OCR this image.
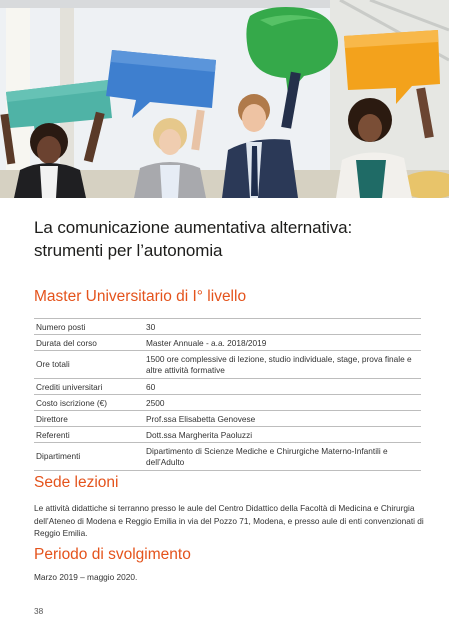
La comunicazione aumentativa alternativa: strumenti per l’autonomia
Master Universitario di I° livello
Numero posti	30
Durata del corso	Master Annuale - a.a. 2018/2019
Ore totali	1500 ore complessive di lezione, studio individuale, stage, prova finale e altre attività formative
Crediti universitari	60
Costo iscrizione (€)	2500
Direttore	Prof.ssa Elisabetta Genovese
Referenti	Dott.ssa Margherita Paoluzzi
Dipartimenti	Dipartimento di Scienze Mediche e Chirurgiche Materno-Infantili e dell’Adulto
Sede lezioni

Le attività didattiche si terranno presso le aule del Centro Didattico della Facoltà di Medicina e Chirurgia dell’Ateneo di Modena e Reggio Emilia in via del Pozzo 71, Modena, e presso aule di enti convenzionati di Reggio Emilia.

Periodo di svolgimento

Marzo 2019 – maggio 2020.

38
